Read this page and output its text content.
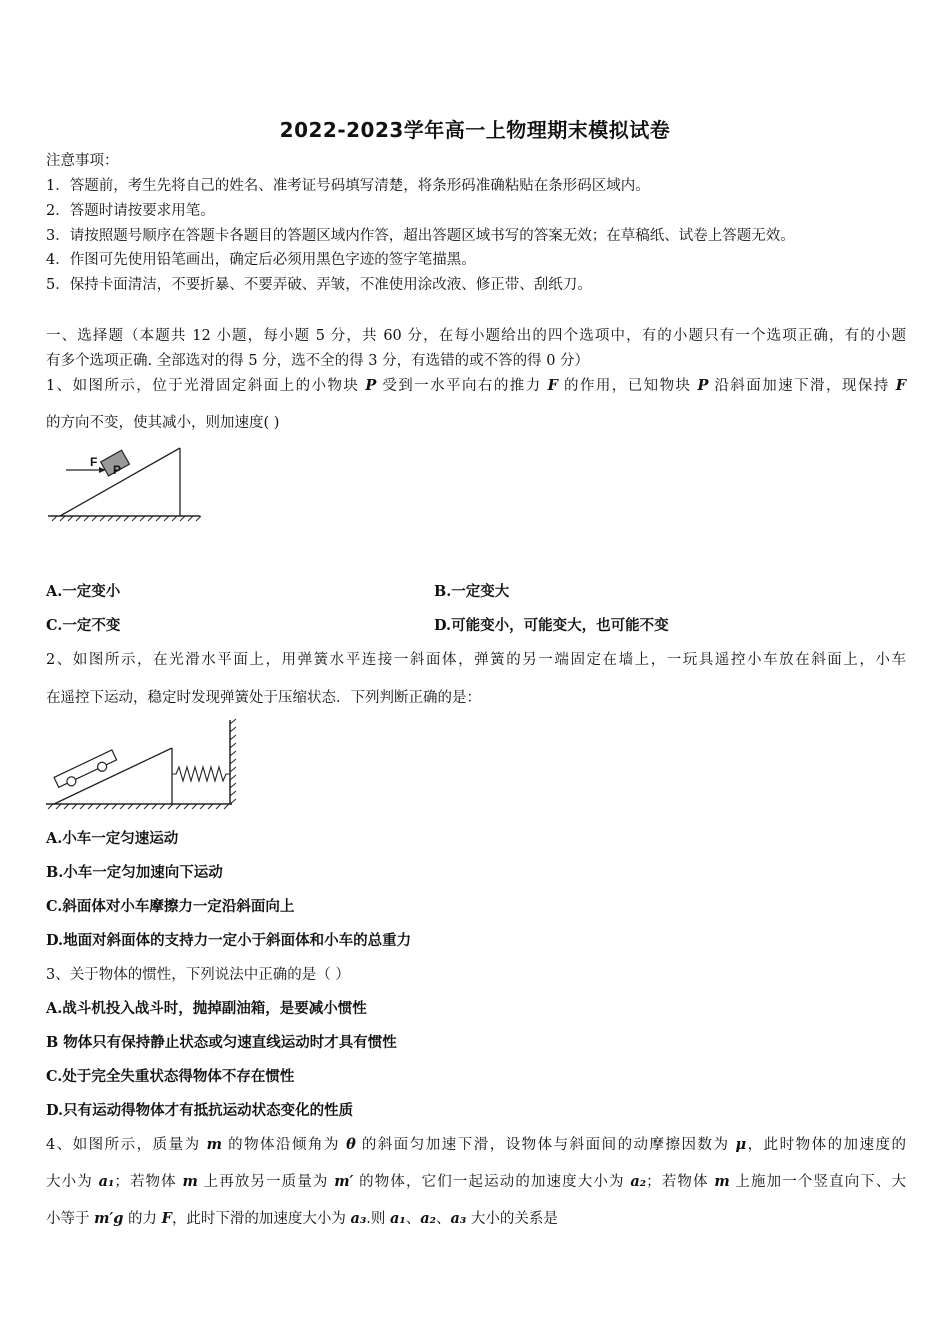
2022-2023学年高一上物理期末模拟试卷
注意事项：
1．答题前，考生先将自己的姓名、准考证号码填写清楚，将条形码准确粘贴在条形码区域内。
2．答题时请按要求用笔。
3．请按照题号顺序在答题卡各题目的答题区域内作答，超出答题区域书写的答案无效；在草稿纸、试卷上答题无效。
4．作图可先使用铅笔画出，确定后必须用黑色字迹的签字笔描黑。
5．保持卡面清洁，不要折暴、不要弄破、弄皱，不准使用涂改液、修正带、刮纸刀。
一、选择题（本题共 12 小题，每小题 5 分，共 60 分，在每小题给出的四个选项中，有的小题只有一个选项正确，有的小题
有多个选项正确. 全部选对的得 5 分，选不全的得 3 分，有选错的或不答的得 0 分）
1、如图所示，位于光滑固定斜面上的小物块 P 受到一水平向右的推力 F 的作用，已知物块 P 沿斜面加速下滑，现保持 F
的方向不变，使其减小，则加速度( )
P
F
A.一定变小	B.一定变大
C.一定不变	D.可能变小，可能变大，也可能不变
2、如图所示，在光滑水平面上，用弹簧水平连接一斜面体，弹簧的另一端固定在墙上，一玩具遥控小车放在斜面上，小车
在遥控下运动，稳定时发现弹簧处于压缩状态．下列判断正确的是：
A.小车一定匀速运动
B.小车一定匀加速向下运动
C.斜面体对小车摩擦力一定沿斜面向上
D.地面对斜面体的支持力一定小于斜面体和小车的总重力
3、关于物体的惯性，下列说法中正确的是（ ）
A.战斗机投入战斗时，抛掉副油箱，是要减小惯性
B 物体只有保持静止状态或匀速直线运动时才具有惯性
C.处于完全失重状态得物体不存在惯性
D.只有运动得物体才有抵抗运动状态变化的性质
4、如图所示，质量为 m 的物体沿倾角为 θ 的斜面匀加速下滑，设物体与斜面间的动摩擦因数为 μ，此时物体的加速度的
大小为 a₁；若物体 m 上再放另一质量为 m′ 的物体，它们一起运动的加速度大小为 a₂；若物体 m 上施加一个竖直向下、大
小等于 m′g 的力 F，此时下滑的加速度大小为 a₃.则 a₁、a₂、a₃ 大小的关系是
